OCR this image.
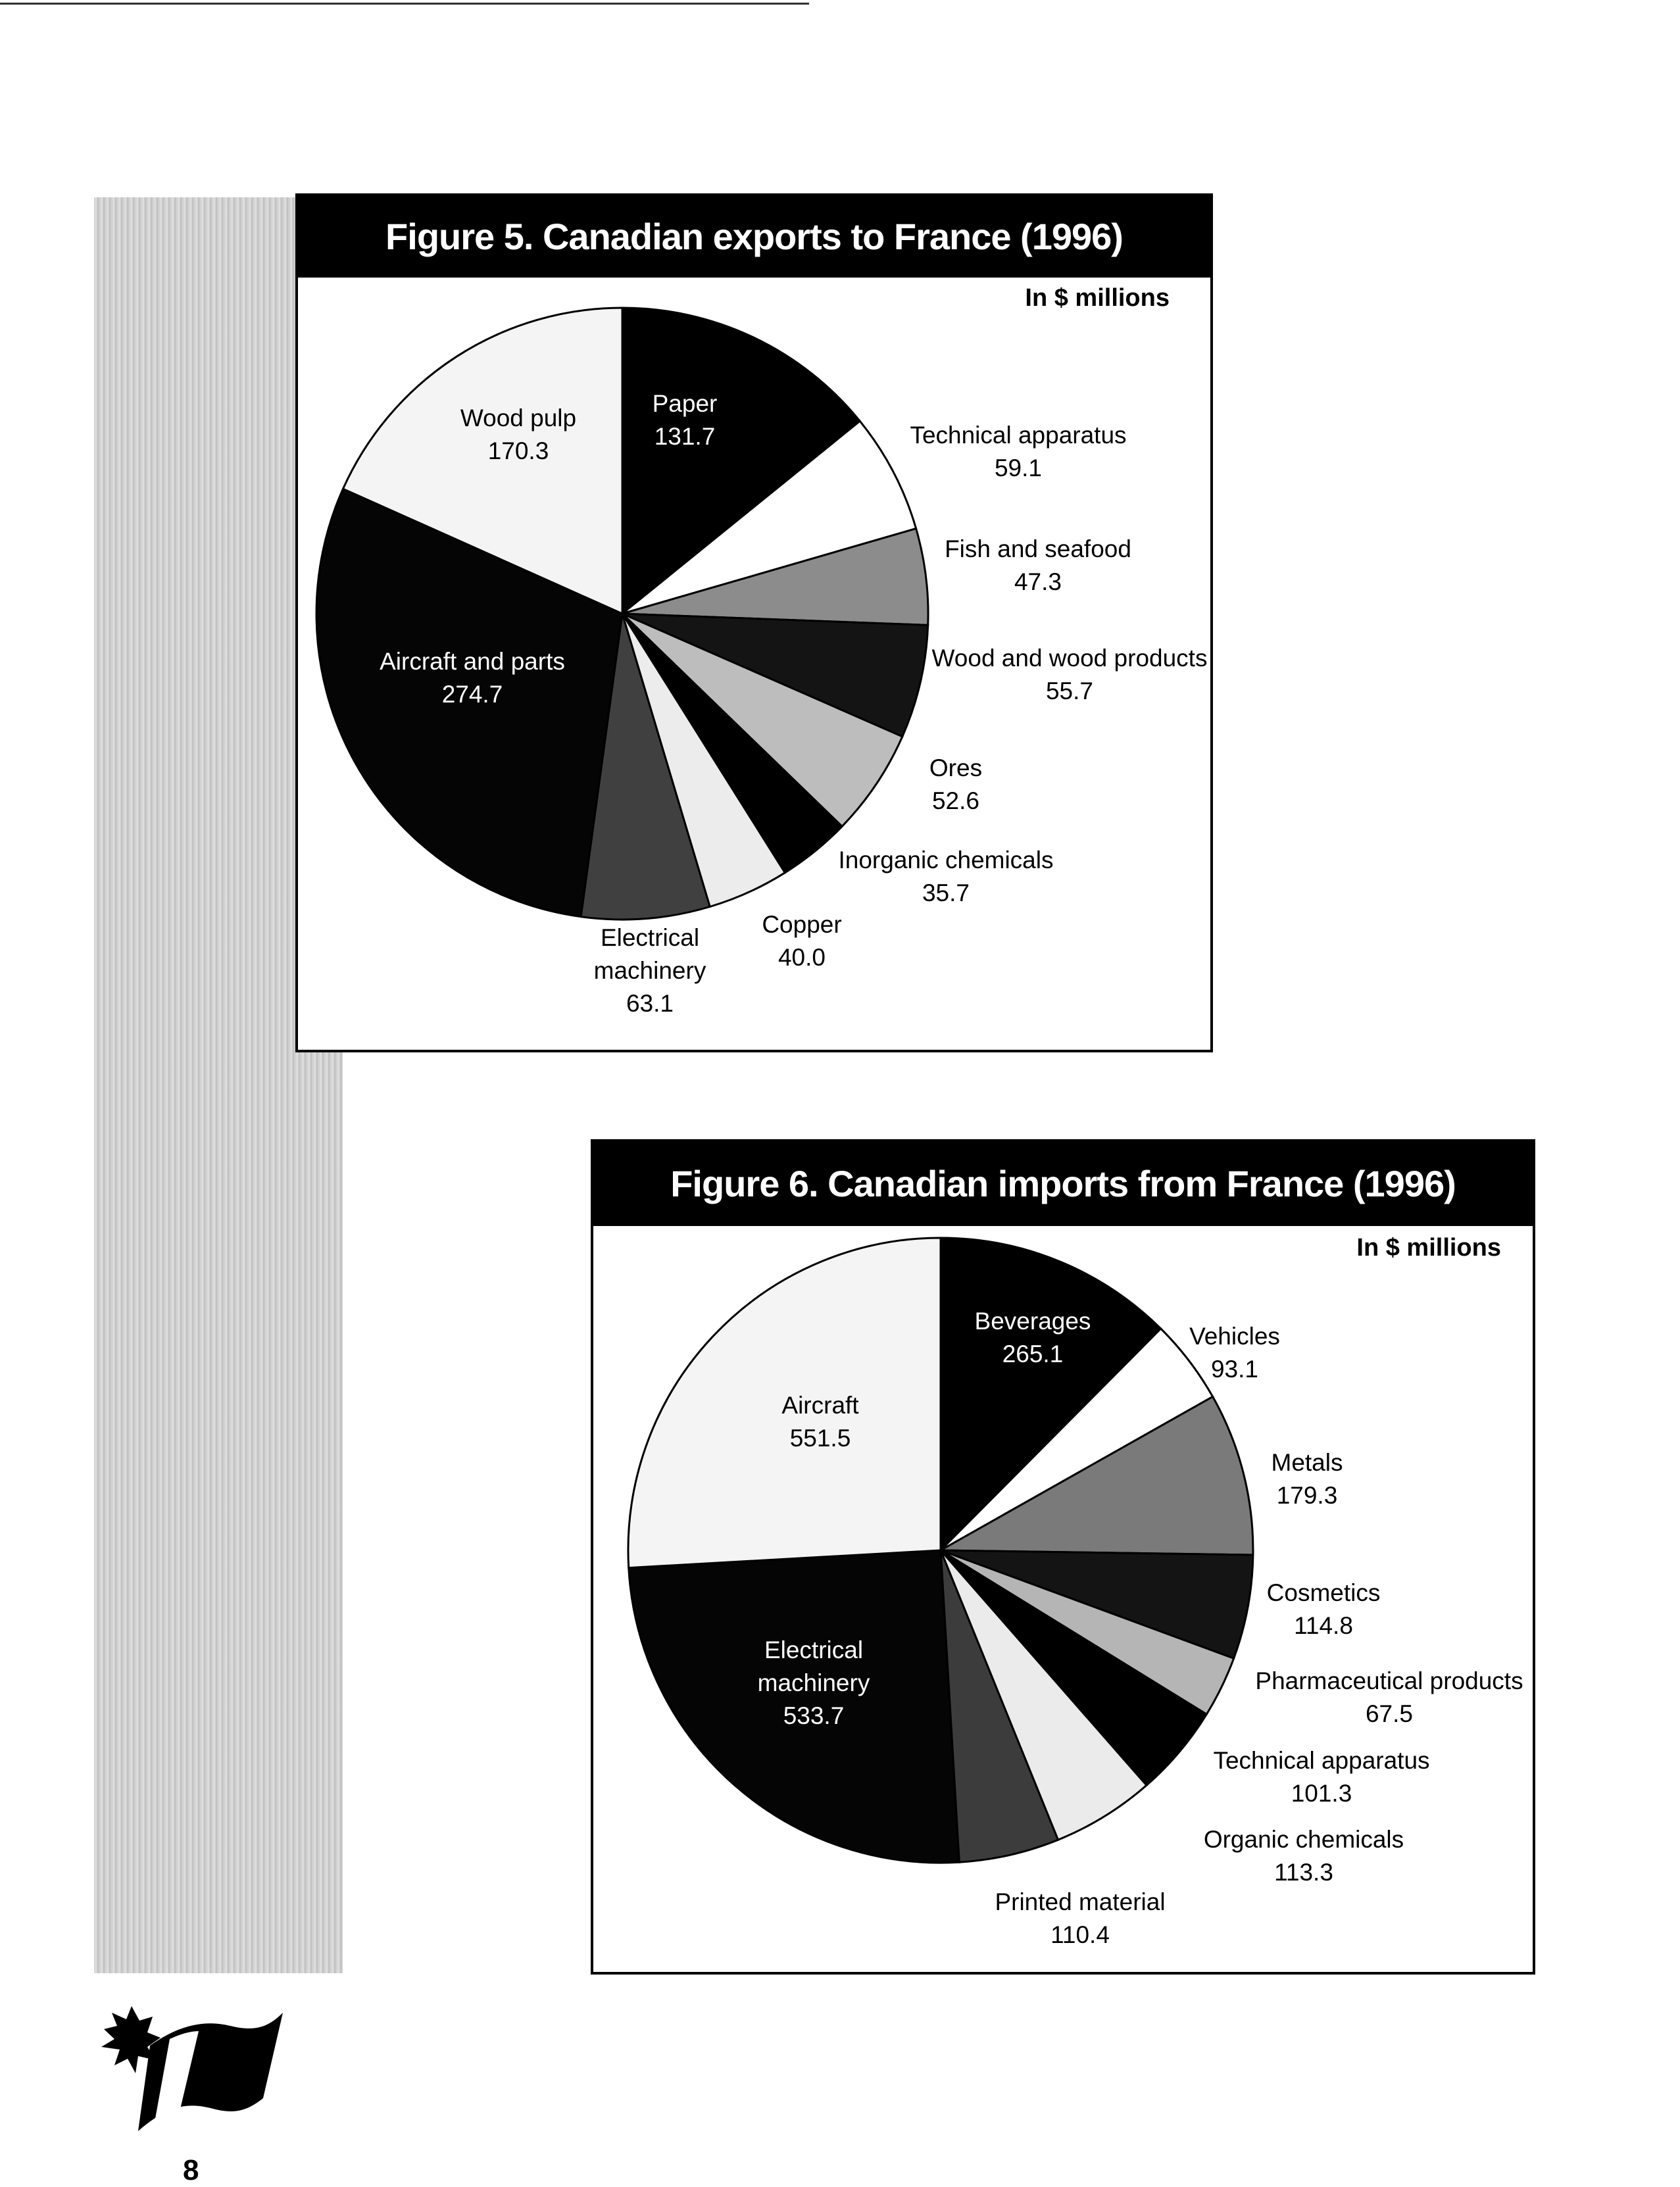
Figure 5. Canadian exports to France (1996)
In $ millions
Paper 131.7	Technical apparatus 59.1
Fish and seafood 47.3
Wood and wood products 55.7
Ores 52.6
Inorganic chemicals 35.7
Copper 40.0
Electrical machinery 63.1
Aircraft and parts 274.7
Wood pulp 170.3
Figure 6. Canadian imports from France (1996)
In $ millions
Beverages 265.1
Vehicles 93.1
Metals 179.3
Cosmetics 114.8
Pharmaceutical products 67.5
Technical apparatus 101.3
Organic chemicals 113.3
Printed material 110.4
Electrical machinery 533.7
Aircraft 551.5
8
